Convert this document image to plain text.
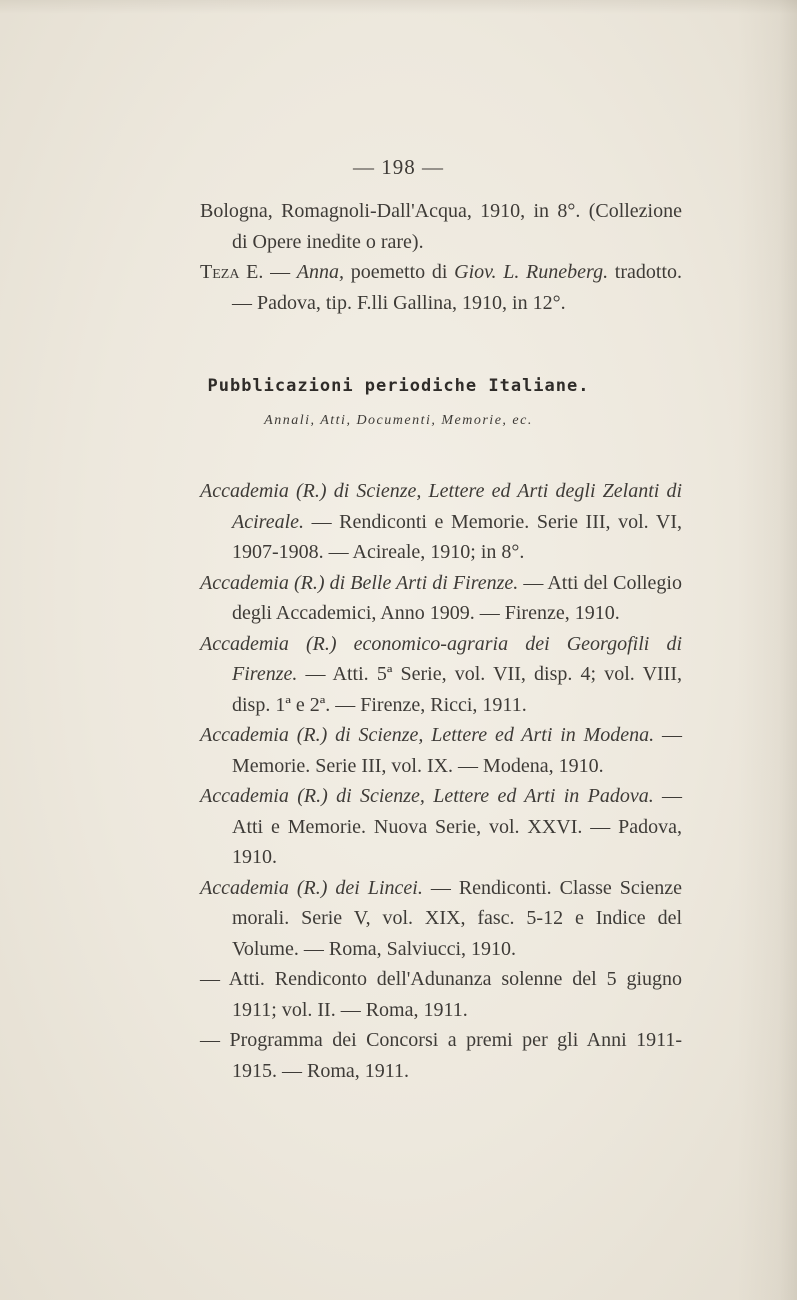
— 198 —

Bologna, Romagnoli-Dall'Acqua, 1910, in 8°. (Collezione di Opere inedite o rare).

Teza E. — Anna, poemetto di Giov. L. Runeberg. tradotto. — Padova, tip. F.lli Gallina, 1910, in 12°.

Pubblicazioni periodiche Italiane.
Annali, Atti, Documenti, Memorie, ec.

Accademia (R.) di Scienze, Lettere ed Arti degli Zelanti di Acireale. — Rendiconti e Memorie. Serie III, vol. VI, 1907-1908. — Acireale, 1910; in 8°.

Accademia (R.) di Belle Arti di Firenze. — Atti del Collegio degli Accademici, Anno 1909. — Firenze, 1910.

Accademia (R.) economico-agraria dei Georgofili di Firenze. — Atti. 5ª Serie, vol. VII, disp. 4; vol. VIII, disp. 1ª e 2ª. — Firenze, Ricci, 1911.

Accademia (R.) di Scienze, Lettere ed Arti in Modena. — Memorie. Serie III, vol. IX. — Modena, 1910.

Accademia (R.) di Scienze, Lettere ed Arti in Padova. — Atti e Memorie. Nuova Serie, vol. XXVI. — Padova, 1910.

Accademia (R.) dei Lincei. — Rendiconti. Classe Scienze morali. Serie V, vol. XIX, fasc. 5-12 e Indice del Volume. — Roma, Salviucci, 1910.

— Atti. Rendiconto dell'Adunanza solenne del 5 giugno 1911; vol. II. — Roma, 1911.

— Programma dei Concorsi a premi per gli Anni 1911-1915. — Roma, 1911.
